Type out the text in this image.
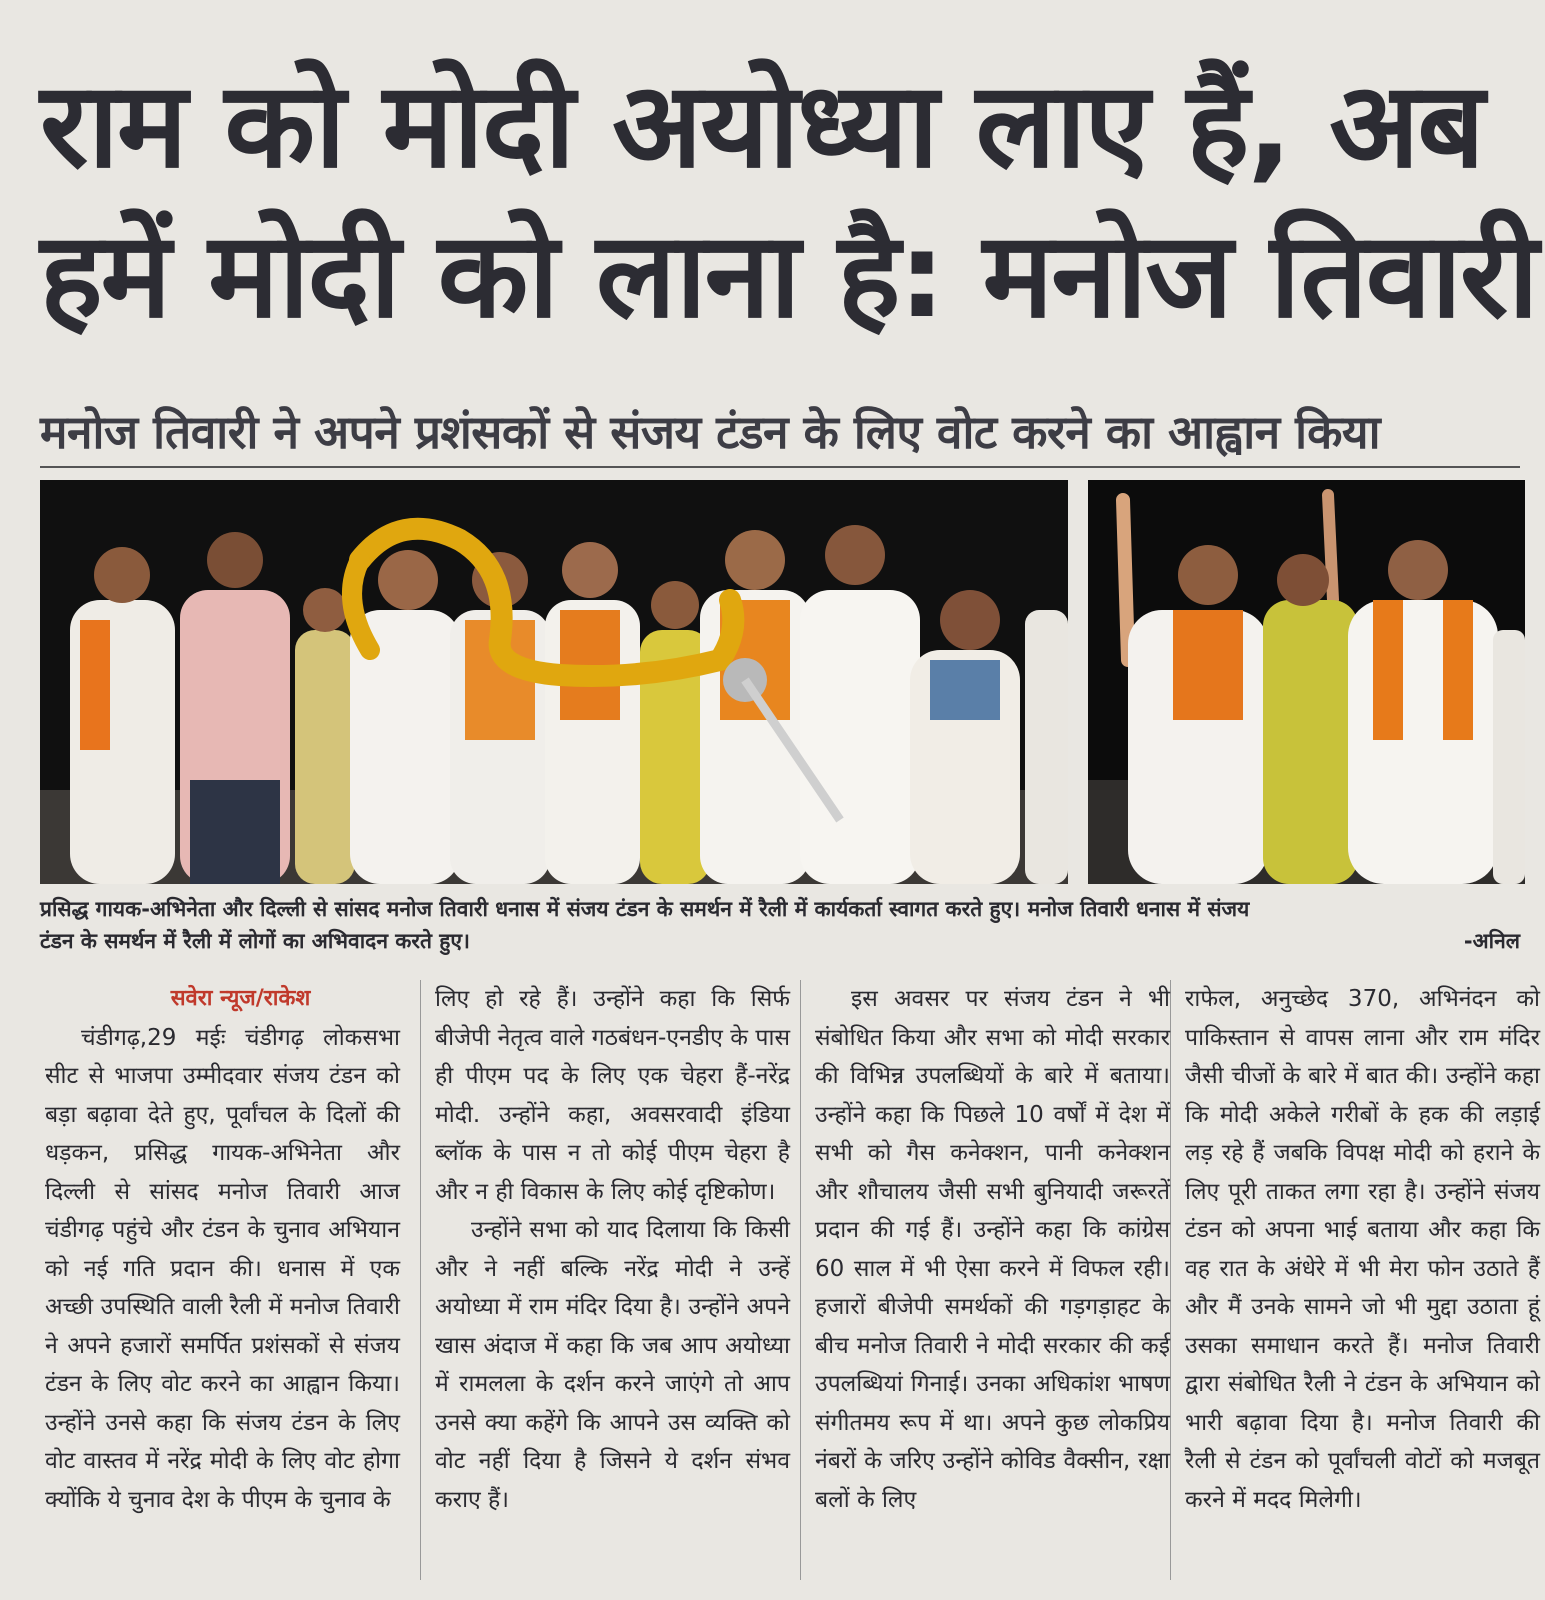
राम को मोदी अयोध्या लाए हैं, अब
हमें मोदी को लाना है: मनोज तिवारी
मनोज तिवारी ने अपने प्रशंसकों से संजय टंडन के लिए वोट करने का आह्वान किया
प्रसिद्ध गायक-अभिनेता और दिल्ली से सांसद मनोज तिवारी धनास में संजय टंडन के समर्थन में रैली में कार्यकर्ता स्वागत करते हुए। मनोज तिवारी धनास में संजय
टंडन के समर्थन में रैली में लोगों का अभिवादन करते हुए।	-अनिल

सवेरा न्यूज/राकेश

चंडीगढ़,29 मईः चंडीगढ़ लोकसभा सीट से भाजपा उम्मीदवार संजय टंडन को बड़ा बढ़ावा देते हुए, पूर्वांचल के दिलों की धड़कन, प्रसिद्ध गायक-अभिनेता और दिल्ली से सांसद मनोज तिवारी आज चंडीगढ़ पहुंचे और टंडन के चुनाव अभियान को नई गति प्रदान की। धनास में एक अच्छी उपस्थिति वाली रैली में मनोज तिवारी ने अपने हजारों समर्पित प्रशंसकों से संजय टंडन के लिए वोट करने का आह्वान किया। उन्होंने उनसे कहा कि संजय टंडन के लिए वोट वास्तव में नरेंद्र मोदी के लिए वोट होगा क्योंकि ये चुनाव देश के पीएम के चुनाव के

लिए हो रहे हैं। उन्होंने कहा कि सिर्फ बीजेपी नेतृत्व वाले गठबंधन-एनडीए के पास ही पीएम पद के लिए एक चेहरा हैं-नरेंद्र मोदी. उन्होंने कहा, अवसरवादी इंडिया ब्लॉक के पास न तो कोई पीएम चेहरा है और न ही विकास के लिए कोई दृष्टिकोण।

उन्होंने सभा को याद दिलाया कि किसी और ने नहीं बल्कि नरेंद्र मोदी ने उन्हें अयोध्या में राम मंदिर दिया है। उन्होंने अपने खास अंदाज में कहा कि जब आप अयोध्या में रामलला के दर्शन करने जाएंगे तो आप उनसे क्या कहेंगे कि आपने उस व्यक्ति को वोट नहीं दिया है जिसने ये दर्शन संभव कराए हैं।

इस अवसर पर संजय टंडन ने भी संबोधित किया और सभा को मोदी सरकार की विभिन्न उपलब्धियों के बारे में बताया। उन्होंने कहा कि पिछले 10 वर्षों में देश में सभी को गैस कनेक्शन, पानी कनेक्शन और शौचालय जैसी सभी बुनियादी जरूरतें प्रदान की गई हैं। उन्होंने कहा कि कांग्रेस 60 साल में भी ऐसा करने में विफल रही। हजारों बीजेपी समर्थकों की गड़गड़ाहट के बीच मनोज तिवारी ने मोदी सरकार की कई उपलब्धियां गिनाई। उनका अधिकांश भाषण संगीतमय रूप में था। अपने कुछ लोकप्रिय नंबरों के जरिए उन्होंने कोविड वैक्सीन, रक्षा बलों के लिए

राफेल, अनुच्छेद 370, अभिनंदन को पाकिस्तान से वापस लाना और राम मंदिर जैसी चीजों के बारे में बात की। उन्होंने कहा कि मोदी अकेले गरीबों के हक की लड़ाई लड़ रहे हैं जबकि विपक्ष मोदी को हराने के लिए पूरी ताकत लगा रहा है। उन्होंने संजय टंडन को अपना भाई बताया और कहा कि वह रात के अंधेरे में भी मेरा फोन उठाते हैं और मैं उनके सामने जो भी मुद्दा उठाता हूं उसका समाधान करते हैं। मनोज तिवारी द्वारा संबोधित रैली ने टंडन के अभियान को भारी बढ़ावा दिया है। मनोज तिवारी की रैली से टंडन को पूर्वांचली वोटों को मजबूत करने में मदद मिलेगी।
